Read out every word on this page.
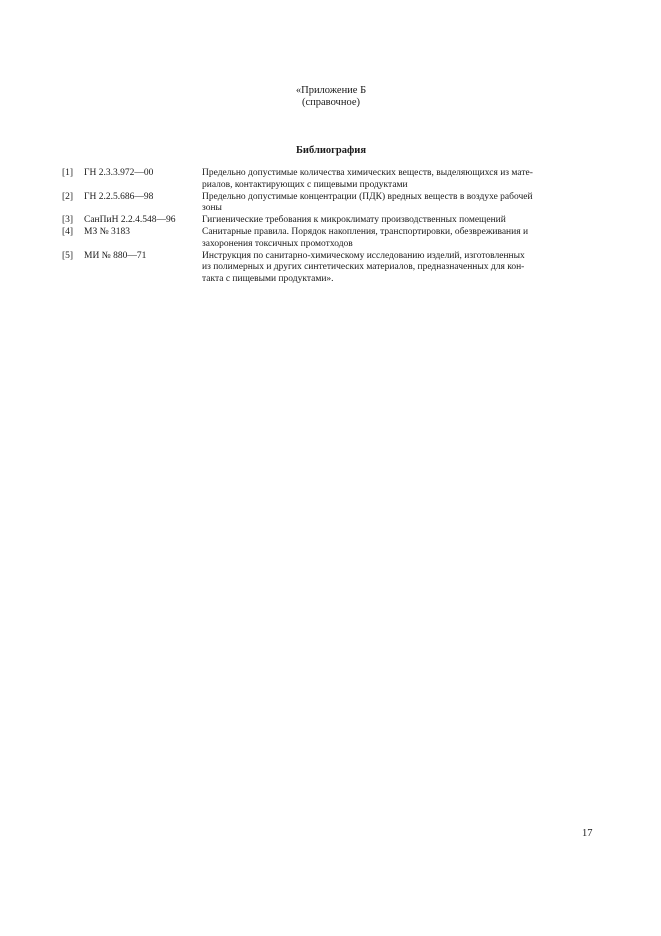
«Приложение Б
(справочное)
Библиография
[1]	ГН 2.3.3.972—00	Предельно допустимые количества химических веществ, выделяющихся из мате-
риалов, контактирующих с пищевыми продуктами
[2]	ГН 2.2.5.686—98	Предельно допустимые концентрации (ПДК) вредных веществ в воздухе рабочей
зоны
[3]	СанПиН 2.2.4.548—96	Гигиенические требования к микроклимату производственных помещений
[4]	МЗ № 3183	Санитарные правила. Порядок накопления, транспортировки, обезвреживания и
захоронения токсичных промотходов
[5]	МИ № 880—71	Инструкция по санитарно-химическому исследованию изделий, изготовленных
из полимерных и других синтетических материалов, предназначенных для кон-
такта с пищевыми продуктами».
17
